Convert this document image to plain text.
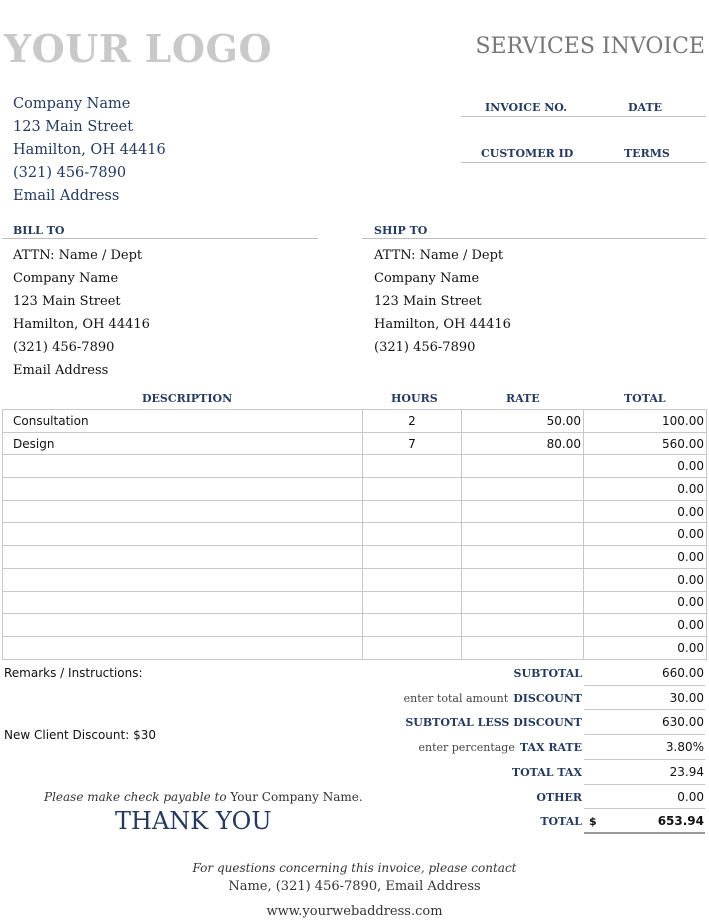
YOUR LOGO	SERVICES INVOICE
Company Name
123 Main Street
Hamilton, OH 44416
(321) 456-7890
Email Address
INVOICE NO.	DATE
CUSTOMER ID	TERMS
BILL TO
ATTN: Name / Dept
Company Name
123 Main Street
Hamilton, OH 44416
(321) 456-7890
Email Address
SHIP TO
ATTN: Name / Dept
Company Name
123 Main Street
Hamilton, OH 44416
(321) 456-7890
DESCRIPTION	HOURS	RATE	TOTAL
Consultation	2	50.00	100.00
Design	7	80.00	560.00
			0.00
			0.00
			0.00
			0.00
			0.00
			0.00
			0.00
			0.00
			0.00
Remarks / Instructions:
New Client Discount: $30
SUBTOTAL	660.00
enter total amount DISCOUNT	30.00
SUBTOTAL LESS DISCOUNT	630.00
enter percentage TAX RATE	3.80%
TOTAL TAX	23.94
OTHER	0.00
TOTAL $	653.94
Please make check payable to Your Company Name.
THANK YOU
For questions concerning this invoice, please contact
Name, (321) 456-7890, Email Address
www.yourwebaddress.com
